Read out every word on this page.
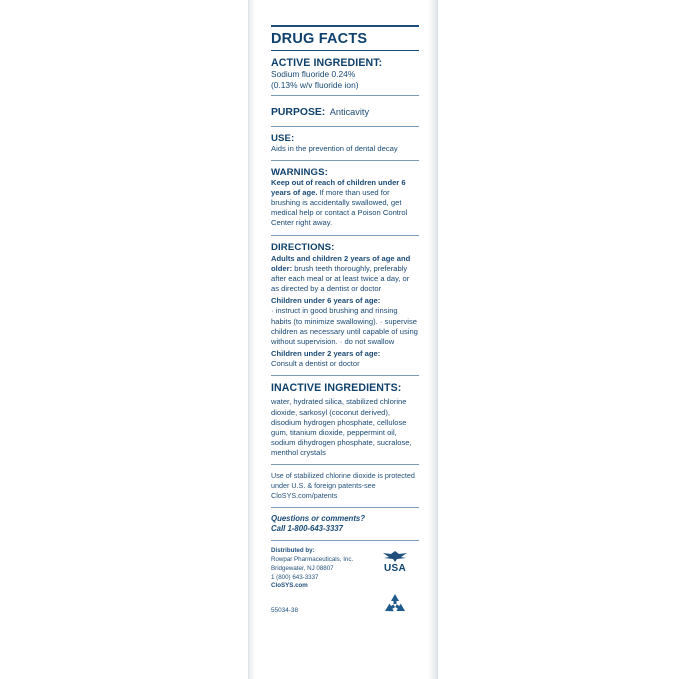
DRUG FACTS
ACTIVE INGREDIENT:
Sodium fluoride 0.24%
(0.13% w/v fluoride ion)
PURPOSE: Anticavity
USE:
Aids in the prevention of dental decay
WARNINGS:
Keep out of reach of children under 6 years of age. If more than used for brushing is accidentally swallowed, get medical help or contact a Poison Control Center right away.
DIRECTIONS:
Adults and children 2 years of age and older: brush teeth thoroughly, preferably after each meal or at least twice a day, or as directed by a dentist or doctor
Children under 6 years of age:
· instruct in good brushing and rinsing habits (to minimize swallowing). · supervise children as necessary until capable of using without supervision. · do not swallow
Children under 2 years of age:
Consult a dentist or doctor
INACTIVE INGREDIENTS:
water, hydrated silica, stabilized chlorine dioxide, sarkosyl (coconut derived), disodium hydrogen phosphate, cellulose gum, titanium dioxide, peppermint oil, sodium dihydrogen phosphate, sucralose, menthol crystals
Use of stabilized chlorine dioxide is protected under U.S. & foreign patents-see CloSYS.com/patents
Questions or comments?
Call 1-800-643-3337
Distributed by:
Rowpar Pharmaceuticals, Inc.
Bridgewater, NJ 08807
1 (800) 643-3337
CloSYS.com
USA
55034-38
